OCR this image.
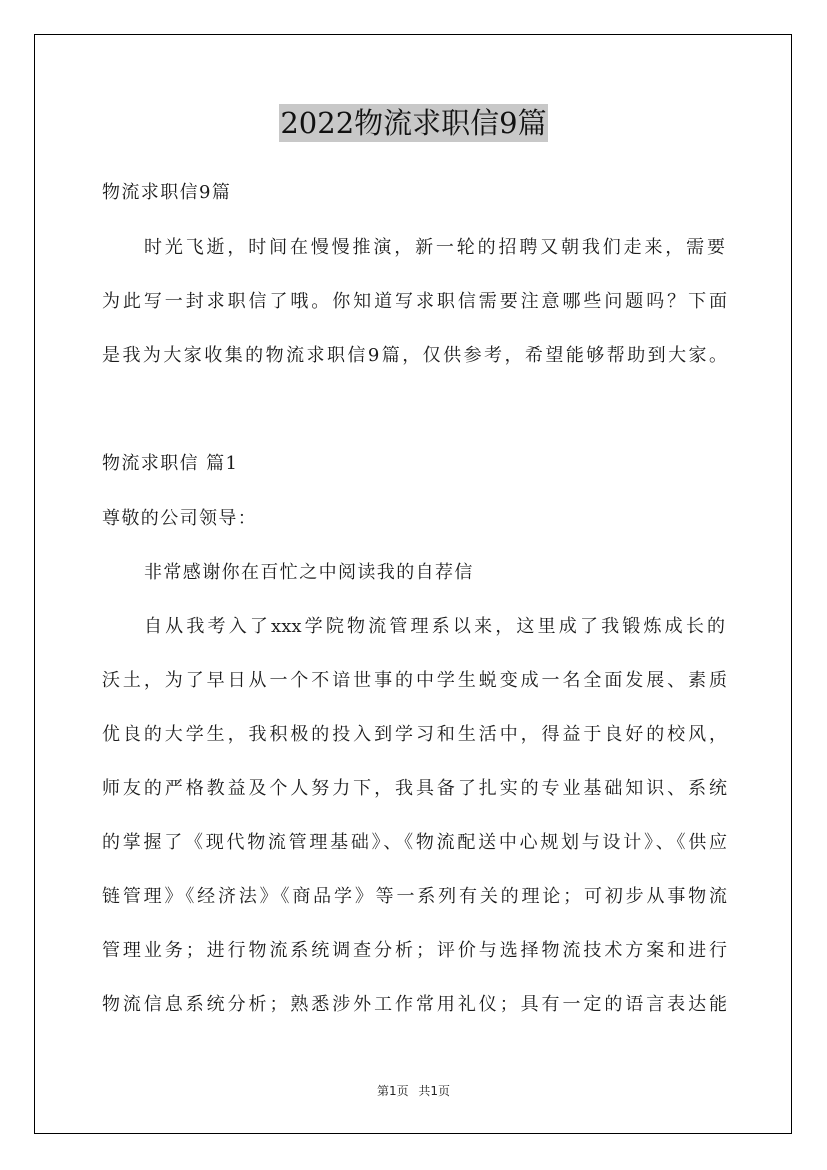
2022物流求职信9篇
物流求职信9篇
时光飞逝，时间在慢慢推演，新一轮的招聘又朝我们走来，需要
为此写一封求职信了哦。你知道写求职信需要注意哪些问题吗？下面
是我为大家收集的物流求职信9篇，仅供参考，希望能够帮助到大家。
物流求职信 篇1
尊敬的公司领导：
非常感谢你在百忙之中阅读我的自荐信
自从我考入了xxx学院物流管理系以来，这里成了我锻炼成长的
沃土，为了早日从一个不谙世事的中学生蜕变成一名全面发展、素质
优良的大学生，我积极的投入到学习和生活中，得益于良好的校风，
师友的严格教益及个人努力下，我具备了扎实的专业基础知识、系统
的掌握了《现代物流管理基础》、《物流配送中心规划与设计》、《供应
链管理》《经济法》《商品学》等一系列有关的理论；可初步从事物流
管理业务；进行物流系统调查分析；评价与选择物流技术方案和进行
物流信息系统分析；熟悉涉外工作常用礼仪；具有一定的语言表达能
第1页 共1页
